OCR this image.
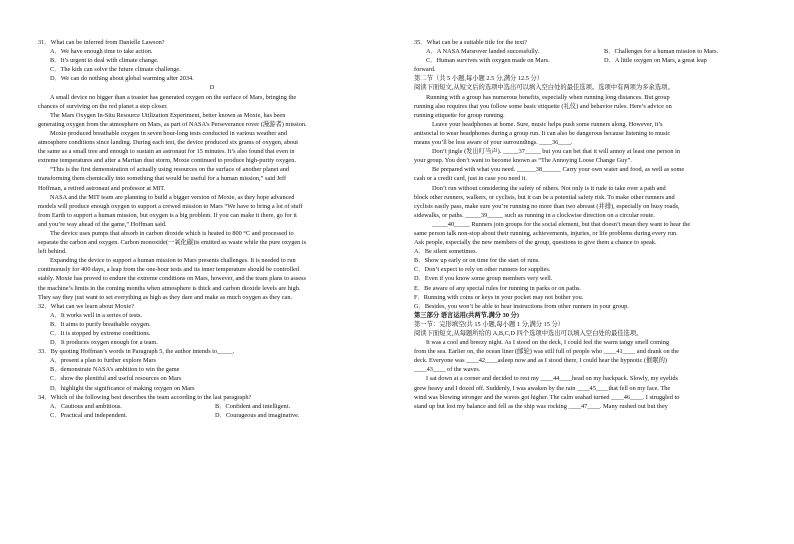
31．What can be inferred from Danielle Lawson?
A．We have enough time to take action.
B．It’s urgent to deal with climate change.
C．The kids can solve the future climate challenge.
D．We can do nothing about global warming after 2034.
D
A small device no bigger than a toaster has generated oxygen on the surface of Mars, bringing the
chances of surviving on the red planet a step closer.
The Mars Oxygen In-Situ Resource Utilization Experiment, better known as Moxie, has been
generating oxygen from the atmosphere on Mars, as part of NASA’s Perseverance rover (漫游者) mission.
Moxie produced breathable oxygen in seven hour-long tests conducted in various weather and
atmosphere conditions since landing. During each test, the device produced six grams of oxygen, about
the same as a small tree and enough to sustain an astronaut for 15 minutes. It’s also found that even in
extreme temperatures and after a Martian dust storm, Moxie continued to produce high-purity oxygen.
“This is the first demonstration of actually using resources on the surface of another planet and
transforming them chemically into something that would be useful for a human mission,” said Jeff
Hoffman, a retired astronaut and professor at MIT.
NASA and the MIT team are planning to build a bigger version of Moxie, as they hope advanced
models will produce enough oxygen to support a crewed mission to Mars “We have to bring a lot of stuff
from Earth to support a human mission, but oxygen is a big problem. If you can make it there, go for it
and you’re way ahead of the game,” Hoffman said.
The device uses pumps that absorb in carbon dioxide which is heated to 800 °C and processed to
separate the carbon and oxygen. Carbon monoxide(一氧化碳)is emitted as waste while the pure oxygen is
left behind.
Expanding the device to support a human mission to Mars presents challenges. It is needed to run
continuously for 400 days, a leap from the one-hour tests and its inner temperature should be controlled
stably. Moxie has proved to endure the extreme conditions on Mars, however, and the team plans to assess
the machine’s limits in the coming months when atmosphere is thick and carbon dioxide levels are high.
They say they just want to set everything as high as they dare and make as much oxygen as they can.
32．What can we learn about Moxie?
A．It works well in a series of tests.
B．It aims to purify breathable oxygen.
C．It is stopped by extreme conditions.
D．It produces oxygen enough for a team.
33．By quoting Hoffman’s words in Paragraph 5, the author intends to_____.
A．present a plan to further explore Mars
B．demonstrate NASA’s ambition to win the game
C．show the plentiful and useful resources on Mars
D．highlight the significance of making oxygen on Mars
34．Which of the following best describes the team according to the last paragraph?
A．Cautious and ambitious.	B．Confident and intelligent.
C．Practical and independent.	D．Courageous and imaginative.
35．What can be a suitable title for the text?
A．A NASA Marsrover landed successfully.	B．Challenges for a human mission to Mars.
C．Human survives with oxygen made on Mars.	D．A little oxygen on Mars, a great leap
forward.
第二节（共 5 小题,每小题 2.5 分,满分 12.5 分）
阅读下面短文,从短文后的选项中选出可以填入空白处的最佳选项。选项中有两项为多余选项。
Running with a group has numerous benefits, especially when running long distances. But group
running also requires that you follow some basic etiquette (礼仪) and behavior rules. Here’s advice on
running etiquette for group running.
Leave your headphones at home. Sure, music helps push some runners along. However, it’s
antisocial to wear headphones during a group run. It can also be dangerous because listening to music
means you’ll be less aware of your surroundings. ____36____.
Don’t jingle (发出叮当声). _____37_____ but you can bet that it will annoy at least one person in
your group. You don’t want to become known as “The Annoying Loose Change Guy”.
Be prepared with what you need. ______38______ Carry your own water and food, as well as some
cash or a credit card, just in case you need it.
Don’t run without considering the safety of others. Not only is it rude to take over a path and
block other runners, walkers, or cyclists, but it can be a potential safety risk. To make other runners and
cyclists easily pass, make sure you’re running no more than two abreast (并排), especially on busy roads,
sidewalks, or paths. _____39_____ such as running in a clockwise direction on a circular route.
_____40_____ Runners join groups for the social element, but that doesn’t mean they want to hear the
same person talk non-stop about their running, achievements, injuries, or life problems during every run.
Ask people, especially the new members of the group, questions to give them a chance to speak.
A．Be silent sometimes.
B．Show up early or on time for the start of runs.
C．Don’t expect to rely on other runners for supplies.
D．Even if you know some group members very well.
E．Be aware of any special rules for running in parks or on paths.
F．Running with coins or keys in your pocket may not bother you.
G．Besides, you won’t be able to hear instructions from other runners in your group.
第三部分 语言运用(共两节,满分 30 分)
第一节：完形填空(共 15 小题,每小题 1 分,满分 15 分）
阅读下面短文,从每题所给的 A,B,C,D 四个选项中选出可以填入空白处的最佳选项。
It was a cool and breezy night. As I stood on the deck, I could feel the warm tangy smell coming
from the sea. Earlier on, the ocean liner (邮轮) was still full of people who ____41____ and drank on the
deck. Everyone was ____42____asleep now and as I stood there, I could hear the hypnotic (催眠的)
____43____ of the waves.
I sat down at a corner and decided to rest my ____44____head on my backpack. Slowly, my eyelids
grew heavy and I dozed off. Suddenly, I was awaken by the rain ____45____that fell on my face. The
wind was blowing stronger and the waves got higher. The calm seahad turned ____46____. I struggled to
stand up but lost my balance and fell as the ship was rocking ____47____. Many rushed out but they
